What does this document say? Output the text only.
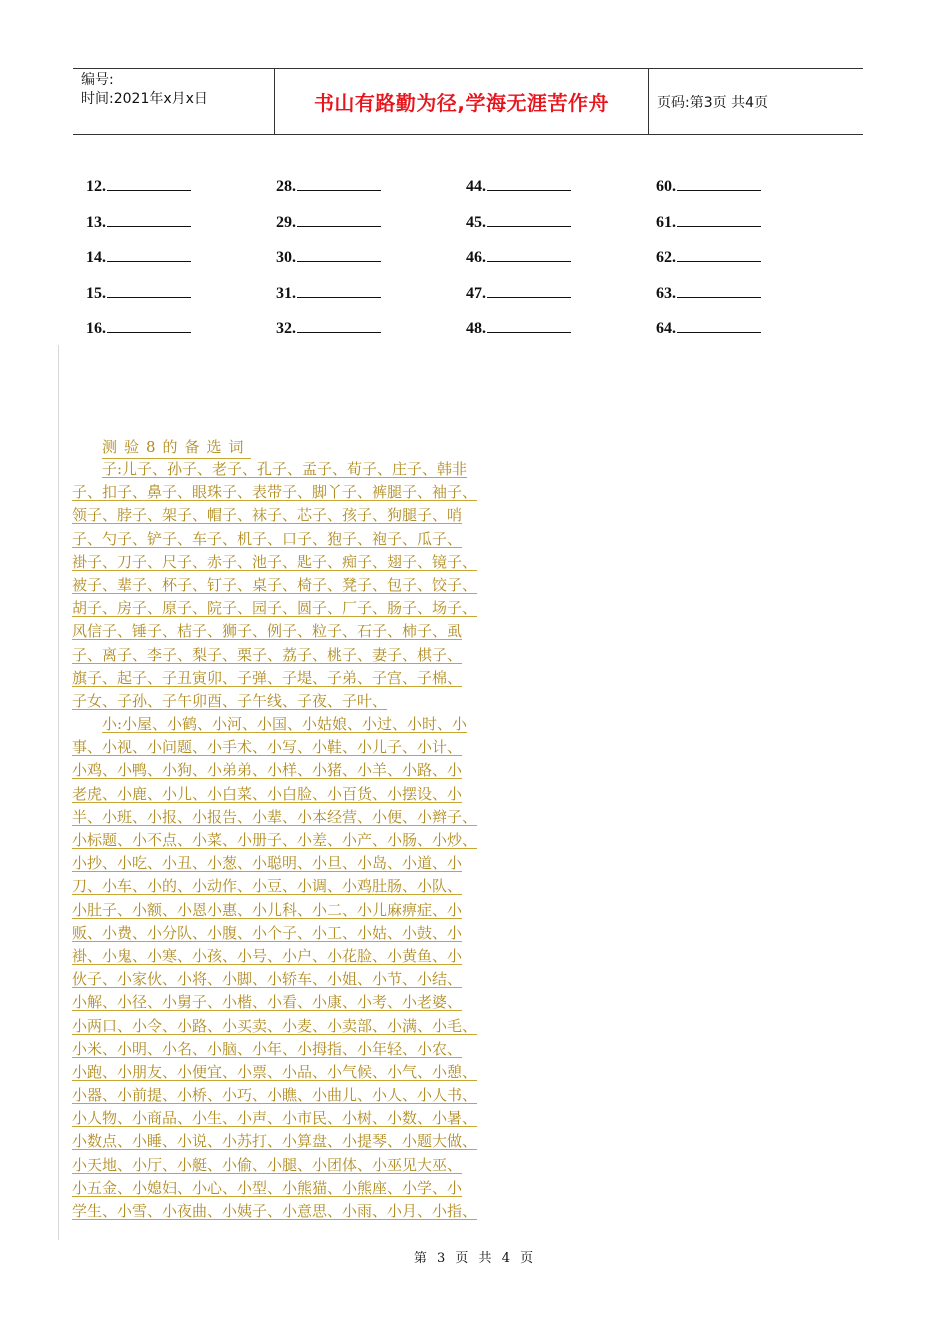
编号:
时间:2021年x月x日	书山有路勤为径,学海无涯苦作舟	页码:第3页 共4页
12.	28.	44.	60.
13.	29.	45.	61.
14.	30.	46.	62.
15.	31.	47.	63.
16.	32.	48.	64.
测验8的备选词
子:儿子、孙子、老子、孔子、孟子、荀子、庄子、韩非
子、扣子、鼻子、眼珠子、表带子、脚丫子、裤腿子、袖子、
领子、脖子、架子、帽子、袜子、芯子、孩子、狗腿子、哨
子、勺子、铲子、车子、机子、口子、狍子、袍子、瓜子、
褂子、刀子、尺子、赤子、池子、匙子、痴子、翅子、镜子、
被子、辈子、杯子、钉子、桌子、椅子、凳子、包子、饺子、
胡子、房子、原子、院子、园子、圆子、厂子、肠子、场子、
风信子、锤子、桔子、狮子、例子、粒子、石子、柿子、虱
子、离子、李子、梨子、栗子、荔子、桃子、妻子、棋子、
旗子、起子、子丑寅卯、子弹、子堤、子弟、子宫、子棉、
子女、子孙、子午卯酉、子午线、子夜、子叶、
小:小屋、小鹤、小河、小国、小姑娘、小过、小时、小
事、小视、小问题、小手术、小写、小鞋、小儿子、小计、
小鸡、小鸭、小狗、小弟弟、小样、小猪、小羊、小路、小
老虎、小鹿、小儿、小白菜、小白脸、小百货、小摆设、小
半、小班、小报、小报告、小辈、小本经营、小便、小辫子、
小标题、小不点、小菜、小册子、小差、小产、小肠、小炒、
小抄、小吃、小丑、小葱、小聪明、小旦、小岛、小道、小
刀、小车、小的、小动作、小豆、小调、小鸡肚肠、小队、
小肚子、小额、小恩小惠、小儿科、小二、小儿麻痹症、小
贩、小费、小分队、小腹、小个子、小工、小姑、小鼓、小
褂、小鬼、小寒、小孩、小号、小户、小花脸、小黄鱼、小
伙子、小家伙、小将、小脚、小轿车、小姐、小节、小结、
小解、小径、小舅子、小楷、小看、小康、小考、小老婆、
小两口、小令、小路、小买卖、小麦、小卖部、小满、小毛、
小米、小明、小名、小脑、小年、小拇指、小年轻、小农、
小跑、小朋友、小便宜、小票、小品、小气候、小气、小憩、
小器、小前提、小桥、小巧、小瞧、小曲儿、小人、小人书、
小人物、小商品、小生、小声、小市民、小树、小数、小暑、
小数点、小睡、小说、小苏打、小算盘、小提琴、小题大做、
小天地、小厅、小艇、小偷、小腿、小团体、小巫见大巫、
小五金、小媳妇、小心、小型、小熊猫、小熊座、小学、小
学生、小雪、小夜曲、小姨子、小意思、小雨、小月、小指、
第 3 页 共 4 页
